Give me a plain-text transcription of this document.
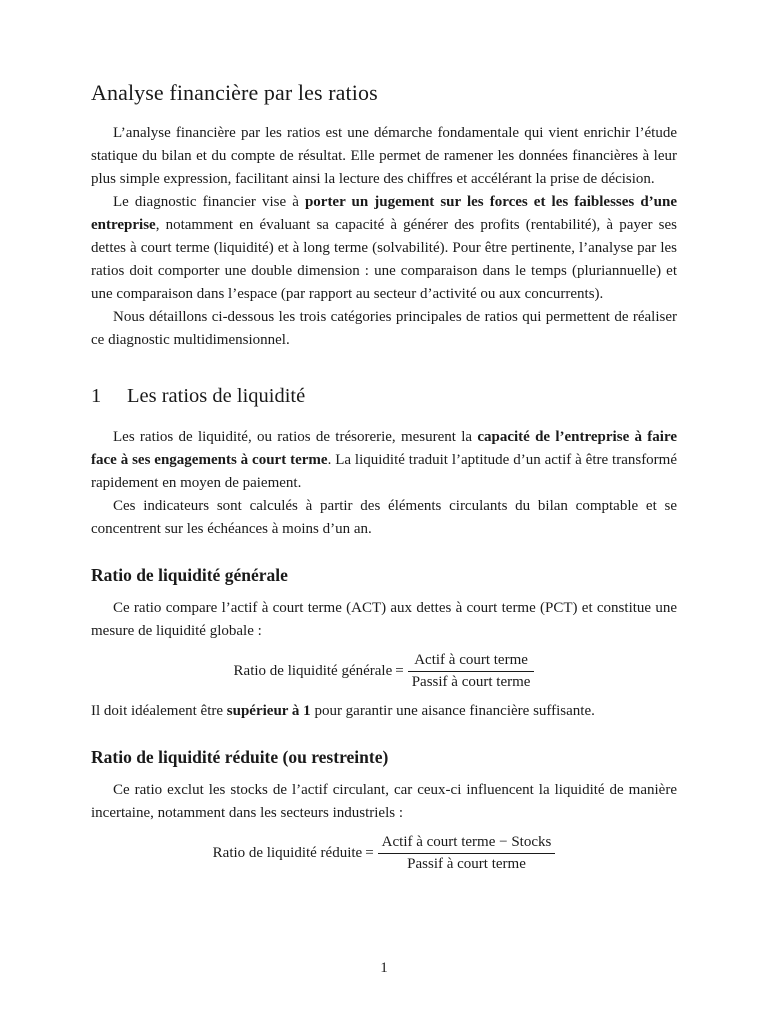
Analyse financière par les ratios

L’analyse financière par les ratios est une démarche fondamentale qui vient enrichir l’étude statique du bilan et du compte de résultat. Elle permet de ramener les données financières à leur plus simple expression, facilitant ainsi la lecture des chiffres et accélérant la prise de décision.

Le diagnostic financier vise à porter un jugement sur les forces et les faiblesses d’une entreprise, notamment en évaluant sa capacité à générer des profits (rentabilité), à payer ses dettes à court terme (liquidité) et à long terme (solvabilité). Pour être pertinente, l’analyse par les ratios doit comporter une double dimension : une comparaison dans le temps (pluriannuelle) et une comparaison dans l’espace (par rapport au secteur d’activité ou aux concurrents).

Nous détaillons ci-dessous les trois catégories principales de ratios qui permettent de réaliser ce diagnostic multidimensionnel.

1 Les ratios de liquidité

Les ratios de liquidité, ou ratios de trésorerie, mesurent la capacité de l’entreprise à faire face à ses engagements à court terme. La liquidité traduit l’aptitude d’un actif à être transformé rapidement en moyen de paiement.

Ces indicateurs sont calculés à partir des éléments circulants du bilan comptable et se concentrent sur les échéances à moins d’un an.

Ratio de liquidité générale

Ce ratio compare l’actif à court terme (ACT) aux dettes à court terme (PCT) et constitue une mesure de liquidité globale :

Ratio de liquidité générale = $\frac{\text{Actif à court terme}}{\text{Passif à court terme}}$

Il doit idéalement être supérieur à 1 pour garantir une aisance financière suffisante.

Ratio de liquidité réduite (ou restreinte)

Ce ratio exclut les stocks de l’actif circulant, car ceux-ci influencent la liquidité de manière incertaine, notamment dans les secteurs industriels :

Ratio de liquidité réduite = $\frac{\text{Actif à court terme − Stocks}}{\text{Passif à court terme}}$
1
